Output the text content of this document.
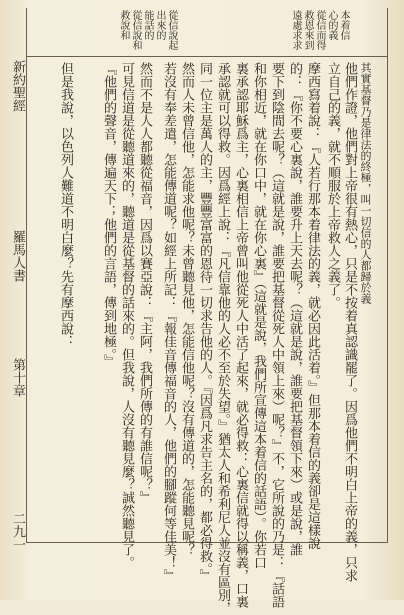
新約聖經
羅馬人書
第十章
二九一
本着信
心的義
從信而得
救恩來到
遠處求求
從信說起
出來的
能話的
其實基督乃是律法的終極，叫一切信的人都歸於義
他們作證，他們對上帝很有熱心，只是不按着真認識罷了。因爲他們不明白上帝的義，只求
立自己的義，就不順服於上帝救人之義了。
摩西寫着說：『人若行那本着律法的義，就必因此活着。』但那本着信的義卻是這樣說
的：『你不要心裏說，誰要升上天去呢？（這就是說，誰要把基督領下來）或是說，誰
要下到陰間去呢？（這就是說，誰要把基督從死人中領上來）呢？』不，它所說的乃是：『話語
和你相近，就在你口中，就在你心裏』（這就是說，我們所宣傳這本着信的話語）。你若口
裏承認耶穌爲主，心裏相信上帝曾叫他從死人中活了起來，就必得救：心裏信就得以稱義，口裏
承認就可以得救。因爲經上說：『凡信靠他的人必不至於失望。』猶太人和希利尼人並沒有區別，
同一位主是萬人的主，豐豐富富的恩待一切求告他的人。『因爲凡求告主名的，都必得救。』
然而人未曾信他，怎能求他呢？未曾聽見他，怎能信他呢？沒有傳道的，怎能聽見呢？
若沒有奉差遣，怎能傳道呢？如經上所記：『報佳音傳福音的人，他們的腳蹤何等佳美！』
然而不是人人都聽從福音，因爲以賽亞說：『主阿，我們所傳的有誰信呢？』
可見信道是從聽道來的，聽道是從基督的話來的。但我說，人沒有聽見麼？誠然聽見了。
『他們的聲音，傳遍天下；他們的言語，傳到地極。』
但是我說，以色列人難道不明白麼？先有摩西說：
從信說和
救說和
